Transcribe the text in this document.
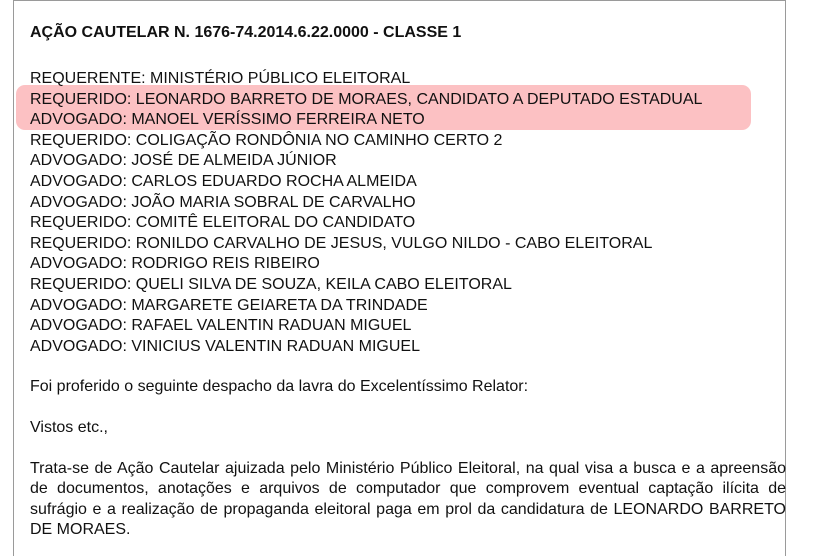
AÇÃO CAUTELAR N. 1676-74.2014.6.22.0000 - CLASSE 1
REQUERENTE: MINISTÉRIO PÚBLICO ELEITORAL
REQUERIDO: LEONARDO BARRETO DE MORAES, CANDIDATO A DEPUTADO ESTADUAL
ADVOGADO: MANOEL VERÍSSIMO FERREIRA NETO
REQUERIDO: COLIGAÇÃO RONDÔNIA NO CAMINHO CERTO 2
ADVOGADO: JOSÉ DE ALMEIDA JÚNIOR
ADVOGADO: CARLOS EDUARDO ROCHA ALMEIDA
ADVOGADO: JOÃO MARIA SOBRAL DE CARVALHO
REQUERIDO: COMITÊ ELEITORAL DO CANDIDATO
REQUERIDO: RONILDO CARVALHO DE JESUS, VULGO NILDO - CABO ELEITORAL
ADVOGADO: RODRIGO REIS RIBEIRO
REQUERIDO: QUELI SILVA DE SOUZA, KEILA CABO ELEITORAL
ADVOGADO: MARGARETE GEIARETA DA TRINDADE
ADVOGADO: RAFAEL VALENTIN RADUAN MIGUEL
ADVOGADO: VINICIUS VALENTIN RADUAN MIGUEL

Foi proferido o seguinte despacho da lavra do Excelentíssimo Relator:

Vistos etc.,

Trata-se de Ação Cautelar ajuizada pelo Ministério Público Eleitoral, na qual visa a busca e a apreensão de documentos, anotações e arquivos de computador que comprovem eventual captação ilícita de sufrágio e a realização de propaganda eleitoral paga em prol da candidatura de LEONARDO BARRETO DE MORAES.
